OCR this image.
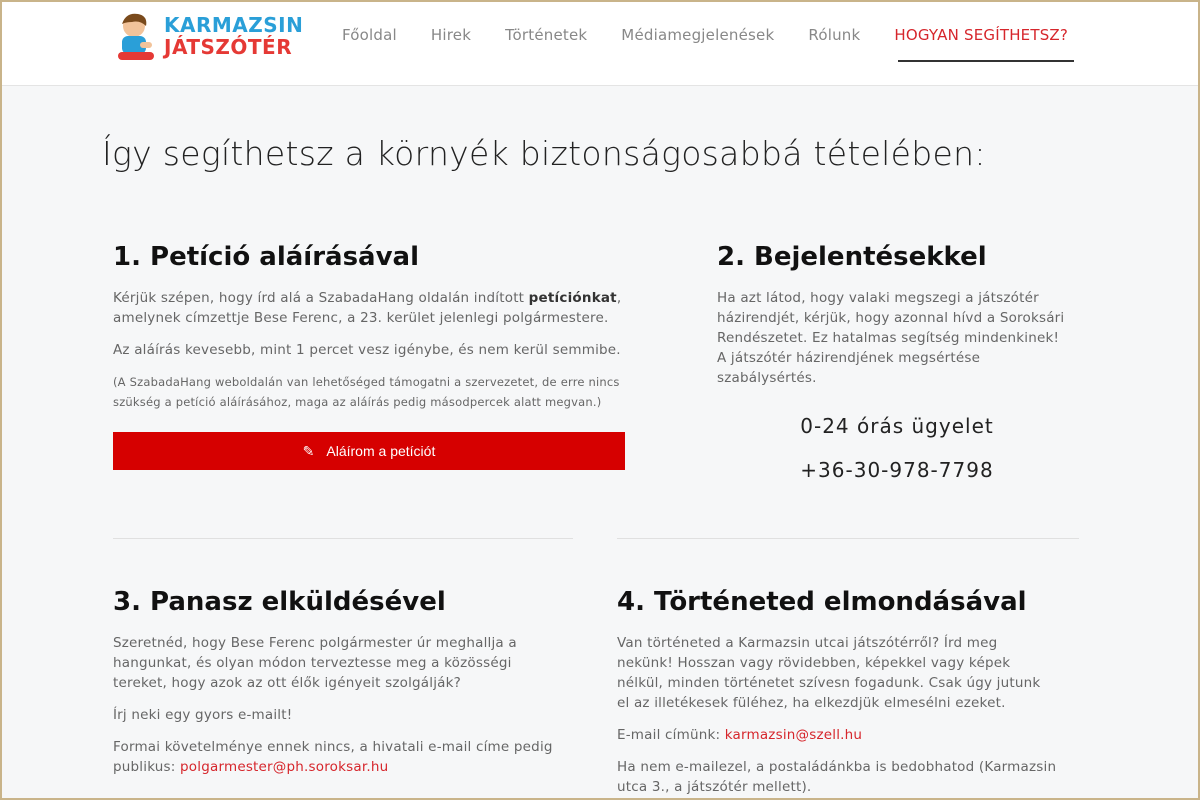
KARMAZSIN
JÁTSZÓTÉR	Főoldal Hirek Történetek Médiamegjelenések Rólunk HOGYAN SEGÍTHETSZ?
Így segíthetsz a környék biztonságosabbá tételében:
1. Petíció aláírásával

Kérjük szépen, hogy írd alá a SzabadaHang oldalán indított petíciónkat, amelynek címzettje Bese Ferenc, a 23. kerület jelenlegi polgármestere.

Az aláírás kevesebb, mint 1 percet vesz igénybe, és nem kerül semmibe.

(A SzabadaHang weboldalán van lehetőséged támogatni a szervezetet, de erre nincs szükség a petíció aláírásához, maga az aláírás pedig másodpercek alatt megvan.)

✎ Aláírom a petíciót
2. Bejelentésekkel

Ha azt látod, hogy valaki megszegi a játszótér házirendjét, kérjük, hogy azonnal hívd a Soroksári Rendészetet. Ez hatalmas segítség mindenkinek! A játszótér házirendjének megsértése szabálysértés.

0-24 órás ügyelet
+36-30-978-7798
3. Panasz elküldésével

Szeretnéd, hogy Bese Ferenc polgármester úr meghallja a hangunkat, és olyan módon terveztesse meg a közösségi tereket, hogy azok az ott élők igényeit szolgálják?

Írj neki egy gyors e-mailt!

Formai követelménye ennek nincs, a hivatali e-mail címe pedig publikus: polgarmester@ph.soroksar.hu

4. Történeted elmondásával

Van történeted a Karmazsin utcai játszótérről? Írd meg nekünk! Hosszan vagy rövidebben, képekkel vagy képek nélkül, minden történetet szívesn fogadunk. Csak úgy jutunk el az illetékesek füléhez, ha elkezdjük elmesélni ezeket.

E-mail címünk: karmazsin@szell.hu

Ha nem e-mailezel, a postaládánkba is bedobhatod (Karmazsin utca 3., a játszótér mellett).
